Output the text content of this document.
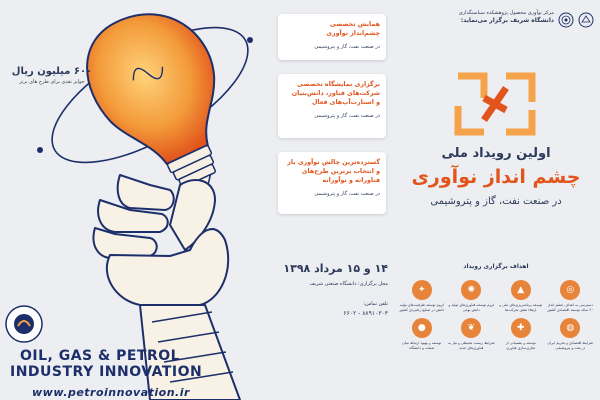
۶۰۰ میلیون ریال
جوایز نقدی برای طرح های برتر
همایش تخصصی
چشم‌انداز نوآوری
در صنعت نفت، گاز و پتروشیمی
برگزاری نمایشگاه تخصصی
شرکت‌های فناور، دانش‌بنیان
و استارت‌آپ‌های فعال
در صنعت نفت، گاز و پتروشیمی
گسترده‌ترین چالش نوآوری باز
و انتخاب برترین طرح‌های
فناورانه و نوآورانه
در صنعت نفت، گاز و پتروشیمی
۱۴ و ۱۵ مرداد ۱۳۹۸
محل برگزاری: دانشگاه صنعتی شریف
تلفن تماس:
۶۶۰۲ - ۸۸۹۱۰۳۰۳
مرکز نوآوری محصول پژوهشکده سیاستگذاری
دانشگاه شریف برگزار می‌نماید:
اولین رویداد ملی
چشم انداز نوآوری
در صنعت نفت، گاز و پتروشیمی
اهداف برگزاری رویداد
◎
دسترسی به اهداف چشم انداز ۲۰ ساله توسعه اقتصادی کشور
▲
توسعه برنامه‌ریزی‌های ملی و ارتقاء نقش شرکت‌ها
✺
لزوم توسعه فناوری‌های تولید و دانش بومی
✦
لزوم توسعه ظرفیت‌های تولید دانش در صنایع راهبردی کشور
◍
شرایط اقتصادی و تحریم ایران در نفت و پتروشیمی
✚
توسعه و پشتیبانی از تجاری‌سازی فناوری
❦
شرایط زیست محیطی و نیاز به فناوری‌های جدید
●
توسعه و بهبود ارتباط میان صنعت و دانشگاه
OIL, GAS & PETROL
INDUSTRY INNOVATION
www.petroinnovation.ir
